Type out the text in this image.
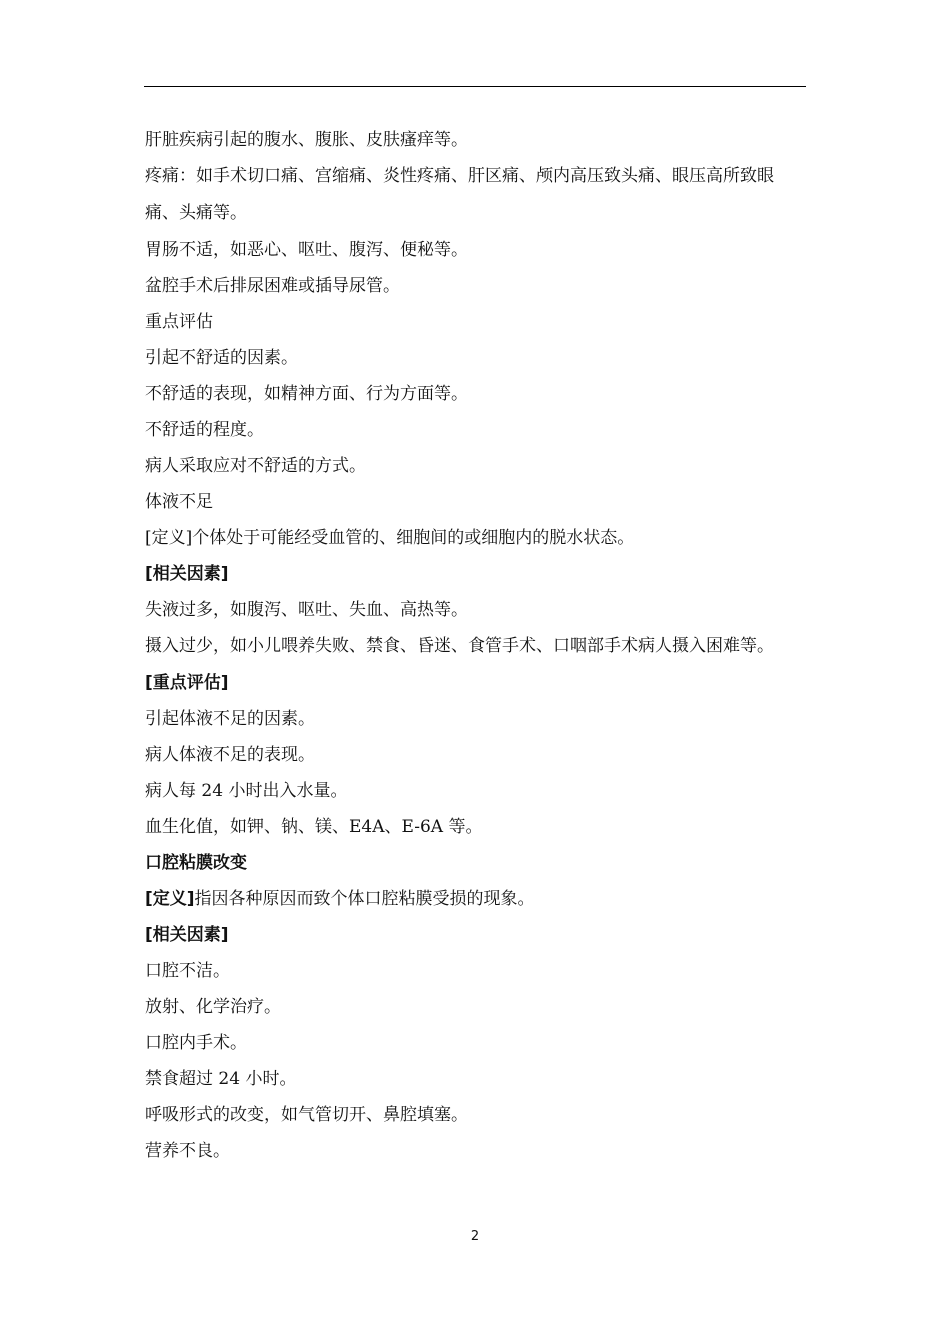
肝脏疾病引起的腹水、腹胀、皮肤瘙痒等。
疼痛：如手术切口痛、宫缩痛、炎性疼痛、肝区痛、颅内高压致头痛、眼压高所致眼痛、头痛等。
胃肠不适，如恶心、呕吐、腹泻、便秘等。
盆腔手术后排尿困难或插导尿管。
重点评估
引起不舒适的因素。
不舒适的表现，如精神方面、行为方面等。
不舒适的程度。
病人采取应对不舒适的方式。
体液不足
[定义]个体处于可能经受血管的、细胞间的或细胞内的脱水状态。
[相关因素]
失液过多，如腹泻、呕吐、失血、高热等。
摄入过少，如小儿喂养失败、禁食、昏迷、食管手术、口咽部手术病人摄入困难等。
[重点评估]
引起体液不足的因素。
病人体液不足的表现。
病人每 24 小时出入水量。
血生化值，如钾、钠、镁、E4A、E-6A 等。
口腔粘膜改变
[定义]指因各种原因而致个体口腔粘膜受损的现象。
[相关因素]
口腔不洁。
放射、化学治疗。
口腔内手术。
禁食超过 24 小时。
呼吸形式的改变，如气管切开、鼻腔填塞。
营养不良。
2
